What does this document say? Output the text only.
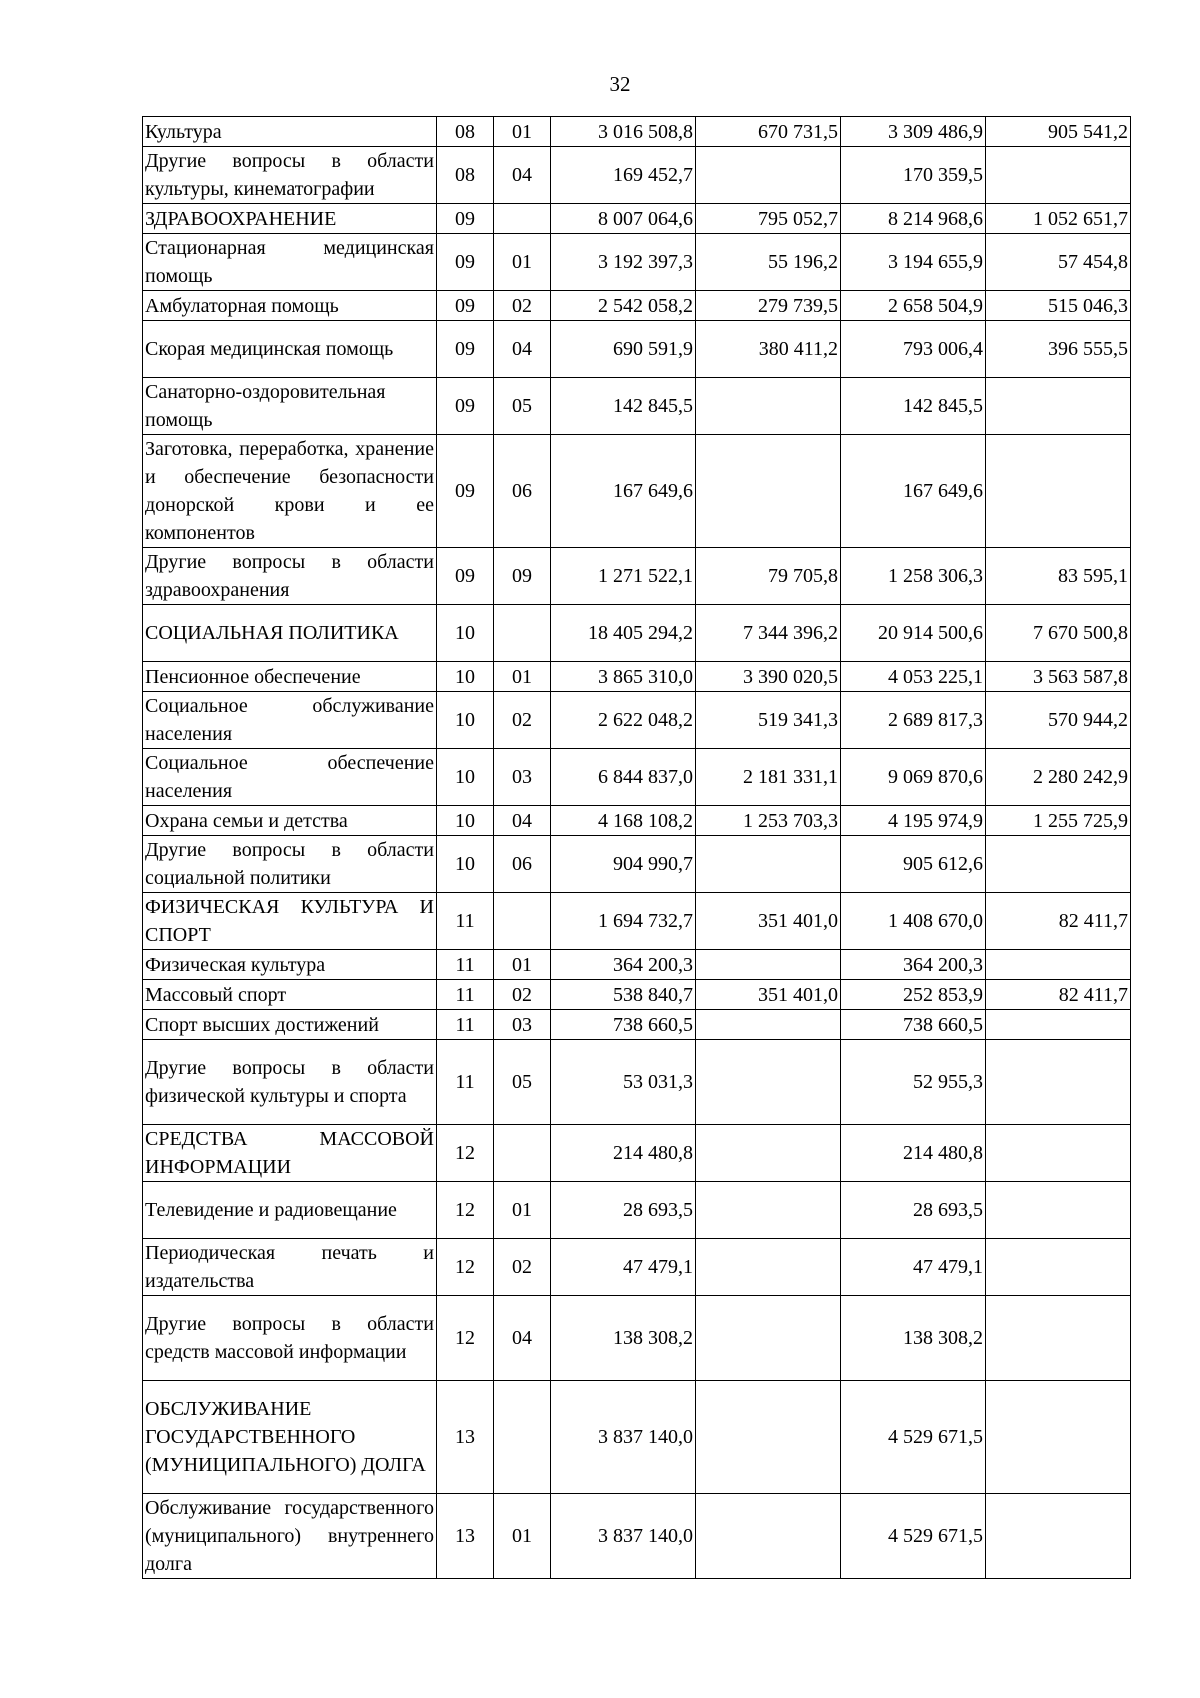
32
Культура	08	01	3 016 508,8	670 731,5	3 309 486,9	905 541,2
Другие вопросы в области культуры, кинематографии	08	04	169 452,7		170 359,5	
ЗДРАВООХРАНЕНИЕ	09		8 007 064,6	795 052,7	8 214 968,6	1 052 651,7
Стационарная медицинская помощь	09	01	3 192 397,3	55 196,2	3 194 655,9	57 454,8
Амбулаторная помощь	09	02	2 542 058,2	279 739,5	2 658 504,9	515 046,3
Скорая медицинская помощь	09	04	690 591,9	380 411,2	793 006,4	396 555,5
Санаторно-оздоровительная помощь	09	05	142 845,5		142 845,5	
Заготовка, переработка, хранение и обеспечение безопасности донорской крови и ее компонентов	09	06	167 649,6		167 649,6	
Другие вопросы в области здравоохранения	09	09	1 271 522,1	79 705,8	1 258 306,3	83 595,1
СОЦИАЛЬНАЯ ПОЛИТИКА	10		18 405 294,2	7 344 396,2	20 914 500,6	7 670 500,8
Пенсионное обеспечение	10	01	3 865 310,0	3 390 020,5	4 053 225,1	3 563 587,8
Социальное обслуживание населения	10	02	2 622 048,2	519 341,3	2 689 817,3	570 944,2
Социальное обеспечение населения	10	03	6 844 837,0	2 181 331,1	9 069 870,6	2 280 242,9
Охрана семьи и детства	10	04	4 168 108,2	1 253 703,3	4 195 974,9	1 255 725,9
Другие вопросы в области социальной политики	10	06	904 990,7		905 612,6	
ФИЗИЧЕСКАЯ КУЛЬТУРА И СПОРТ	11		1 694 732,7	351 401,0	1 408 670,0	82 411,7
Физическая культура	11	01	364 200,3		364 200,3	
Массовый спорт	11	02	538 840,7	351 401,0	252 853,9	82 411,7
Спорт высших достижений	11	03	738 660,5		738 660,5	
Другие вопросы в области физической культуры и спорта	11	05	53 031,3		52 955,3	
СРЕДСТВА МАССОВОЙ ИНФОРМАЦИИ	12		214 480,8		214 480,8	
Телевидение и радиовещание	12	01	28 693,5		28 693,5	
Периодическая печать и издательства	12	02	47 479,1		47 479,1	
Другие вопросы в области средств массовой информации	12	04	138 308,2		138 308,2	
ОБСЛУЖИВАНИЕ ГОСУДАРСТВЕННОГО (МУНИЦИПАЛЬНОГО) ДОЛГА	13		3 837 140,0		4 529 671,5	
Обслуживание государственного (муниципального) внутреннего долга	13	01	3 837 140,0		4 529 671,5	
